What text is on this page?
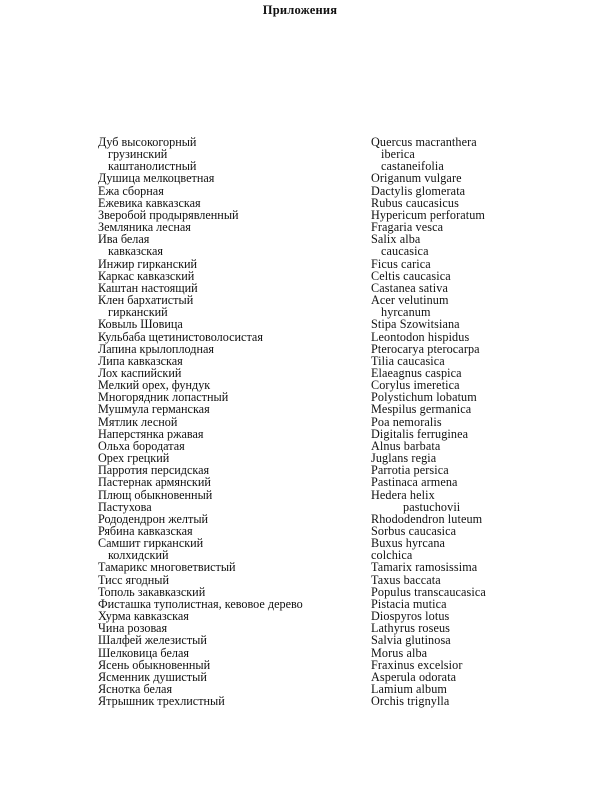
Приложения
Дуб высокогорный
грузинский
каштанолистный
Душица мелкоцветная
Ежа сборная
Ежевика кавказская
Зверобой продырявленный
Земляника лесная
Ива белая
кавказская
Инжир гирканский
Каркас кавказский
Каштан настоящий
Клен бархатистый
гирканский
Ковыль Шовица
Кульбаба щетинистоволосистая
Лапина крылоплодная
Липа кавказская
Лох каспийский
Мелкий орех, фундук
Многорядник лопастный
Мушмула германская
Мятлик лесной
Наперстянка ржавая
Ольха бородатая
Орех грецкий
Парротия персидская
Пастернак армянский
Плющ обыкновенный
Пастухова
Рододендрон желтый
Рябина кавказская
Самшит гирканский
колхидский
Тамарикс многоветвистый
Тисс ягодный
Тополь закавказский
Фисташка туполистная, кевовое дерево
Хурма кавказская
Чина розовая
Шалфей железистый
Шелковица белая
Ясень обыкновенный
Ясменник душистый
Яснотка белая
Ятрышник трехлистный
Quercus macranthera
iberica
castaneifolia
Origanum vulgare
Dactylis glomerata
Rubus caucasicus
Hypericum perforatum
Fragaria vesca
Salix alba
caucasica
Ficus carica
Celtis caucasica
Castanea sativa
Acer velutinum
hyrcanum
Stipa Szowitsiana
Leontodon hispidus
Pterocarya pterocarpa
Tilia caucasica
Elaeagnus caspica
Corylus imeretica
Polystichum lobatum
Mespilus germanica
Poa nemoralis
Digitalis ferruginea
Alnus barbata
Juglans regia
Parrotia persica
Pastinaca armena
Hedera helix
pastuchovii
Rhododendron luteum
Sorbus caucasica
Buxus hyrcana
colchica
Tamarix ramosissima
Taxus baccata
Populus transcaucasica
Pistacia mutica
Diospyros lotus
Lathyrus roseus
Salvia glutinosa
Morus alba
Fraxinus excelsior
Asperula odorata
Lamium album
Orchis trignylla
